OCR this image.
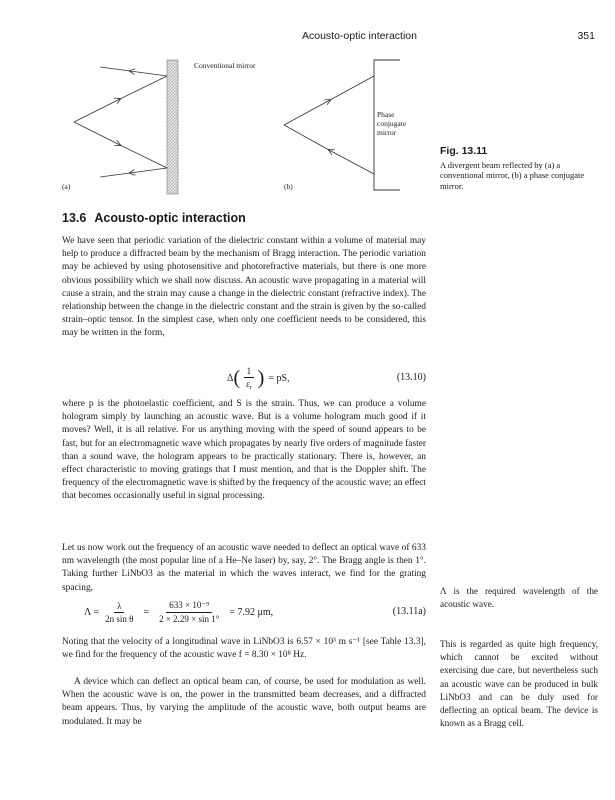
Acousto-optic interaction	351
Conventional mirror
Phase conjugate mirror
(a)	(b)
Fig. 13.11
A divergent beam reflected by (a) a conventional mirror, (b) a phase conjugate mirror.
13.6 Acousto-optic interaction
We have seen that periodic variation of the dielectric constant within a volume of material may help to produce a diffracted beam by the mechanism of Bragg interaction. The periodic variation may be achieved by using photosensitive and photorefractive materials, but there is one more obvious possibility which we shall now discuss. An acoustic wave propagating in a material will cause a strain, and the strain may cause a change in the dielectric constant (refractive index). The relationship between the change in the dielectric constant and the strain is given by the so-called strain–optic tensor. In the simplest case, when only one coefficient needs to be considered, this may be written in the form,
Δ ( $\frac{1}{\varepsilon_r}$ ) = pS,	(13.10)
where p is the photoelastic coefficient, and S is the strain. Thus, we can produce a volume hologram simply by launching an acoustic wave. But is a volume hologram much good if it moves? Well, it is all relative. For us anything moving with the speed of sound appears to be fast, but for an electromagnetic wave which propagates by nearly five orders of magnitude faster than a sound wave, the hologram appears to be practically stationary. There is, however, an effect characteristic to moving gratings that I must mention, and that is the Doppler shift. The frequency of the electromagnetic wave is shifted by the frequency of the acoustic wave; an effect that becomes occasionally useful in signal processing.
Let us now work out the frequency of an acoustic wave needed to deflect an optical wave of 633 nm wavelength (the most popular line of a He–Ne laser) by, say, 2°. The Bragg angle is then 1°. Taking further LiNbO3 as the material in which the waves interact, we find for the grating spacing,
$\Lambda = \frac{\lambda}{\text{2n sin θ}} = \frac{\text{633 × 10⁻⁹}}{2 \times 2.29 \times \sin 1^\circ} = 7.92$ μm,	(13.11a)
Noting that the velocity of a longitudinal wave in LiNbO3 is 6.57 × 10³ m s⁻¹ [see Table 13.3], we find for the frequency of the acoustic wave f = 8.30 × 10⁸ Hz.
A device which can deflect an optical beam can, of course, be used for modulation as well. When the acoustic wave is on, the power in the transmitted beam decreases, and a diffracted beam appears. Thus, by varying the amplitude of the acoustic wave, both output beams are modulated. It may be
Λ is the required wavelength of the acoustic wave.
This is regarded as quite high frequency, which cannot be excited without exercising due care, but nevertheless such an acoustic wave can be produced in bulk LiNbO3 and can be duly used for deflecting an optical beam. The device is known as a Bragg cell.
